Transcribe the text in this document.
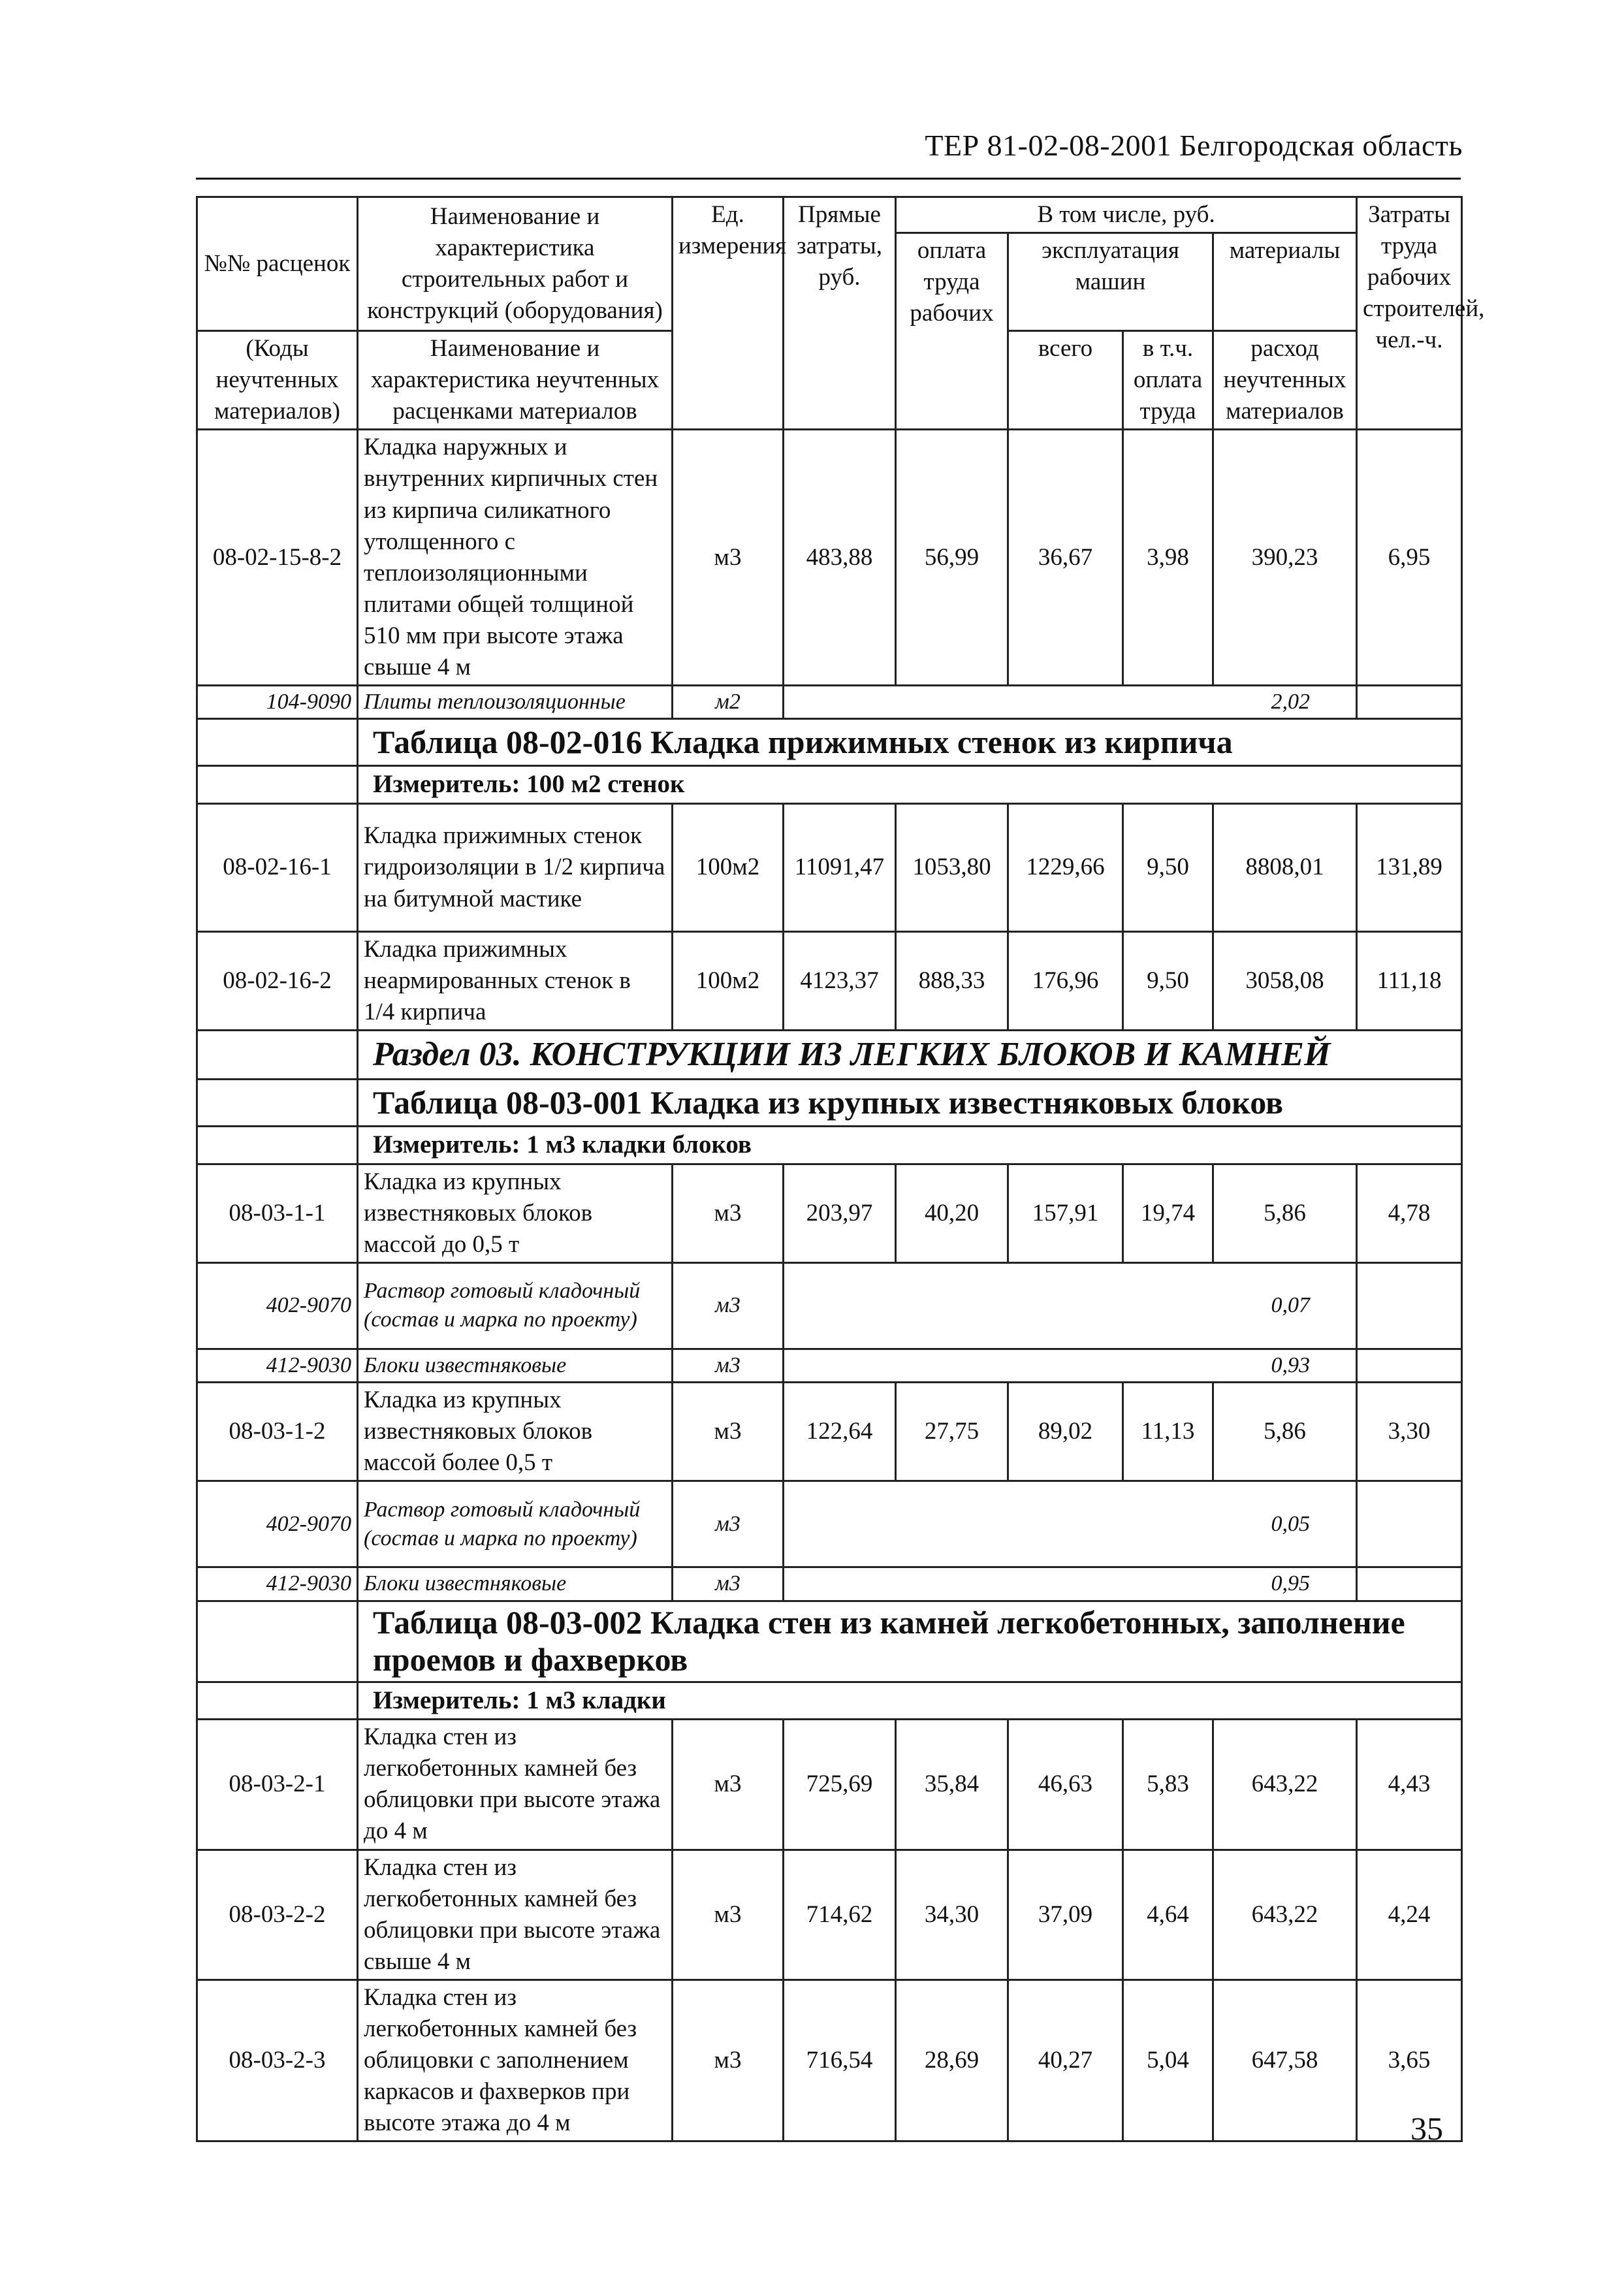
ТЕР 81-02-08-2001 Белгородская область
№№ расценок	Наименование и характеристика строительных работ и конструкций (оборудования)	Ед. измерения	Прямые затраты, руб.	В том числе, руб.				Затраты труда рабочих строителей, чел.-ч.
				оплата труда рабочих	эксплуатация машин		материалы	

(Коды неучтенных материалов)	Наименование и характеристика неучтенных расценками материалов				всего	в т.ч. оплата труда	расход неучтенных материалов	

08-02-15-8-2	Кладка наружных и внутренних кирпичных стен из кирпича силикатного утолщенного с теплоизоляционными плитами общей толщиной 510 мм при высоте этажа свыше 4 м	м3	483,88	56,99	36,67	3,98	390,23	6,95
104-9090	Плиты теплоизоляционные	м2	2,02					
	Таблица 08-02-016 Кладка прижимных стенок из кирпича							
	Измеритель: 100 м2 стенок							
08-02-16-1	Кладка прижимных стенок гидроизоляции в 1/2 кирпича на битумной мастике	100м2	11091,47	1053,80	1229,66	9,50	8808,01	131,89
08-02-16-2	Кладка прижимных неармированных стенок в 1/4 кирпича	100м2	4123,37	888,33	176,96	9,50	3058,08	111,18
	Раздел 03. КОНСТРУКЦИИ ИЗ ЛЕГКИХ БЛОКОВ И КАМНЕЙ							
	Таблица 08-03-001 Кладка из крупных известняковых блоков							
	Измеритель: 1 м3 кладки блоков							
08-03-1-1	Кладка из крупных известняковых блоков массой до 0,5 т	м3	203,97	40,20	157,91	19,74	5,86	4,78
402-9070	Раствор готовый кладочный (состав и марка по проекту)	м3	0,07					
412-9030	Блоки известняковые	м3	0,93					
08-03-1-2	Кладка из крупных известняковых блоков массой более 0,5 т	м3	122,64	27,75	89,02	11,13	5,86	3,30
402-9070	Раствор готовый кладочный (состав и марка по проекту)	м3	0,05					
412-9030	Блоки известняковые	м3	0,95					
	Таблица 08-03-002 Кладка стен из камней легкобетонных, заполнение проемов и фахверков							
	Измеритель: 1 м3 кладки							
08-03-2-1	Кладка стен из легкобетонных камней без облицовки при высоте этажа до 4 м	м3	725,69	35,84	46,63	5,83	643,22	4,43
08-03-2-2	Кладка стен из легкобетонных камней без облицовки при высоте этажа свыше 4 м	м3	714,62	34,30	37,09	4,64	643,22	4,24
08-03-2-3	Кладка стен из легкобетонных камней без облицовки с заполнением каркасов и фахверков при высоте этажа до 4 м	м3	716,54	28,69	40,27	5,04	647,58	3,65
35
